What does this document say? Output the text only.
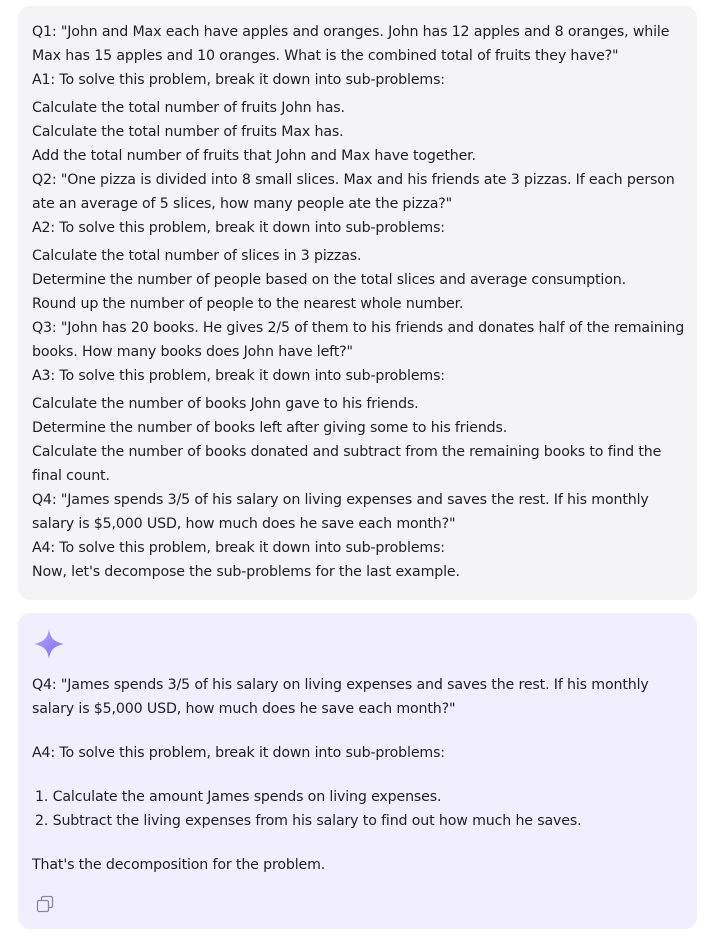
Q1: "John and Max each have apples and oranges. John has 12 apples and 8 oranges, while
Max has 15 apples and 10 oranges. What is the combined total of fruits they have?"
A1: To solve this problem, break it down into sub-problems:
Calculate the total number of fruits John has.
Calculate the total number of fruits Max has.
Add the total number of fruits that John and Max have together.
Q2: "One pizza is divided into 8 small slices. Max and his friends ate 3 pizzas. If each person
ate an average of 5 slices, how many people ate the pizza?"
A2: To solve this problem, break it down into sub-problems:
Calculate the total number of slices in 3 pizzas.
Determine the number of people based on the total slices and average consumption.
Round up the number of people to the nearest whole number.
Q3: "John has 20 books. He gives 2/5 of them to his friends and donates half of the remaining
books. How many books does John have left?"
A3: To solve this problem, break it down into sub-problems:
Calculate the number of books John gave to his friends.
Determine the number of books left after giving some to his friends.
Calculate the number of books donated and subtract from the remaining books to find the
final count.
Q4: "James spends 3/5 of his salary on living expenses and saves the rest. If his monthly
salary is $5,000 USD, how much does he save each month?"
A4: To solve this problem, break it down into sub-problems:
Now, let's decompose the sub-problems for the last example.
Q4: "James spends 3/5 of his salary on living expenses and saves the rest. If his monthly
salary is $5,000 USD, how much does he save each month?"
A4: To solve this problem, break it down into sub-problems:
1. Calculate the amount James spends on living expenses.
2. Subtract the living expenses from his salary to find out how much he saves.
That's the decomposition for the problem.
